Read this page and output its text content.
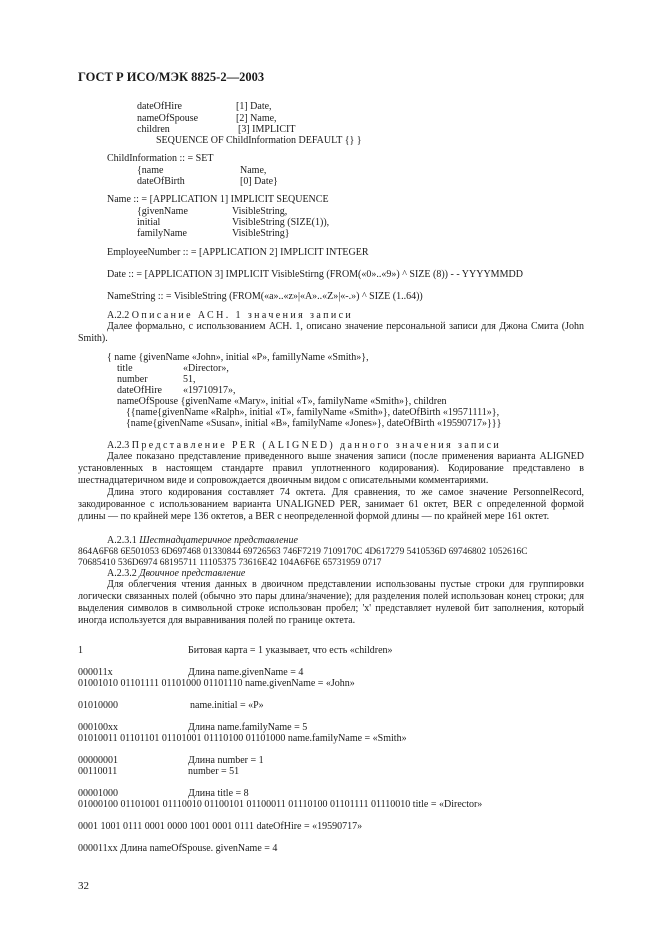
ГОСТ Р ИСО/МЭК 8825-2—2003
dateOfHire	[1] Date,
nameOfSpouse	[2] Name,
children	[3] IMPLICIT
SEQUENCE OF ChildInformation DEFAULT {} }
ChildInformation :: = SET
{name	Name,
dateOfBirth	[0] Date}
Name :: = [APPLICATION 1] IMPLICIT SEQUENCE
{givenName	VisibleString,
initial	VisibleString (SIZE(1)),
familyName	VisibleString}
EmployeeNumber :: = [APPLICATION 2] IMPLICIT INTEGER
Date :: = [APPLICATION 3] IMPLICIT VisibleStirng (FROM(«0»..«9») ^ SIZE (8)) - - YYYYMMDD
NameString :: = VisibleString (FROM(«a»..«z»|«A»..«Z»|«-.») ^ SIZE (1..64))
A.2.2 Описание АСН. 1 значения записи
Далее формально, с использованием АСН. 1, описано значение персональной записи для Джона Смита (John Smith).
{ name {givenName «John», initial «P», famillyName «Smith»},
title	«Director»,
number	51,
dateOfHire «19710917»,
nameOfSpouse {givenName «Mary», initial «T», familyName «Smith»}, children
{{name{givenName «Ralph», initial «T», familyName «Smith»}, dateOfBirth «19571111»},
{name{givenName «Susan», initial «B», familyName «Jones»}, dateOfBirth «19590717»}}}
A.2.3 Представление PER (ALIGNED) данного значения записи
Далее показано представление приведенного выше значения записи (после применения варианта ALIGNED установленных в настоящем стандарте правил уплотненного кодирования). Кодирование представлено в шестнадцатеричном виде и сопровождается двоичным видом с описательными комментариями.
Длина этого кодирования составляет 74 октета. Для сравнения, то же самое значение PersonnelRecord, закодированное с использованием варианта UNALIGNED PER, занимает 61 октет, BER с определенной формой длины — по крайней мере 136 октетов, а BER с неопределенной формой длины — по крайней мере 161 октет.
A.2.3.1 Шестнадцатеричное представление
864A6F68 6E501053 6D697468 01330844 69726563 746F7219 7109170C 4D617279 5410536D 69746802 1052616C
70685410 536D6974 68195711 11105375 73616E42 104A6F6E 65731959 0717
A.2.3.2 Двоичное представление
Для облегчения чтения данных в двоичном представлении использованы пустые строки для группировки логически связанных полей (обычно это пары длина/значение); для разделения полей использован конец строки; для выделения символов в символьной строке использован пробел; 'x' представляет нулевой бит заполнения, который иногда используется для выравнивания полей по границе октета.
1	Битовая карта = 1 указывает, что есть «children»
000011x	Длина name.givenName = 4
01001010 01101111 01101000 01101110 name.givenName = «John»
01010000	name.initial = «P»
000100xx	Длина name.familyName = 5
01010011 01101101 01101001 01110100 01101000 name.familyName = «Smith»
00000001	Длина number = 1
00110011	number = 51
00001000	Длина title = 8
01000100 01101001 01110010 01100101 01100011 01110100 01101111 01110010 title = «Director»
0001 1001 0111 0001 0000 1001 0001 0111 dateOfHire = «19590717»
000011xx Длина nameOfSpouse. givenName = 4
32
